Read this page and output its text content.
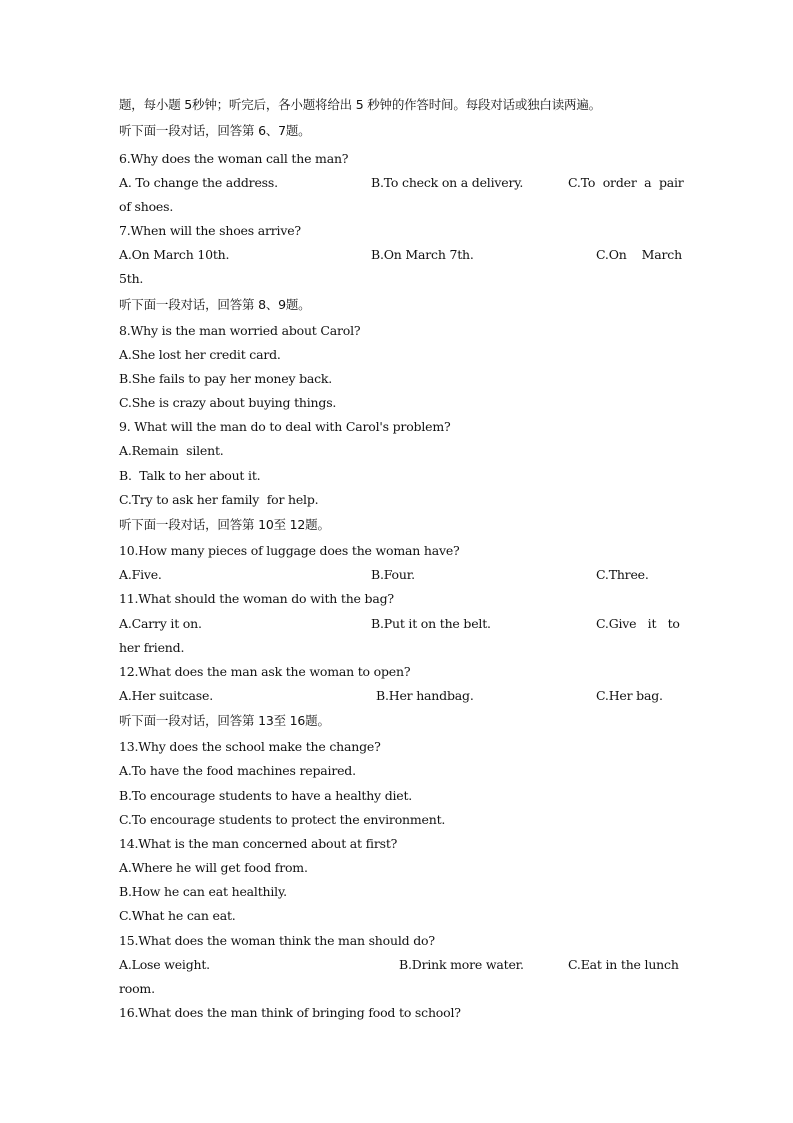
题，每小题 5秒钟；听完后，各小题将给出 5 秒钟的作答时间。每段对话或独白读两遍。
听下面一段对话，回答第 6、7题。
6.Why does the woman call the man?
A. To change the address.	B.To check on a delivery.	C.To  order  a  pair
of shoes.
7.When will the shoes arrive?
A.On March 10th.	B.On March 7th.	C.On    March
5th.
听下面一段对话，回答第 8、9题。
8.Why is the man worried about Carol?
A.She lost her credit card.
B.She fails to pay her money back.
C.She is crazy about buying things.
9. What will the man do to deal with Carol's problem?
A.Remain  silent.
B.  Talk to her about it.
C.Try to ask her family  for help.
听下面一段对话，回答第 10至 12题。
10.How many pieces of luggage does the woman have?
A.Five.	B.Four.	C.Three.
11.What should the woman do with the bag?
A.Carry it on.	B.Put it on the belt.	C.Give   it   to
her friend.
12.What does the man ask the woman to open?
A.Her suitcase.	B.Her handbag.	C.Her bag.
听下面一段对话，回答第 13至 16题。
13.Why does the school make the change?
A.To have the food machines repaired.
B.To encourage students to have a healthy diet.
C.To encourage students to protect the environment.
14.What is the man concerned about at first?
A.Where he will get food from.
B.How he can eat healthily.
C.What he can eat.
15.What does the woman think the man should do?
A.Lose weight.	B.Drink more water.	C.Eat in the lunch
room.
16.What does the man think of bringing food to school?
